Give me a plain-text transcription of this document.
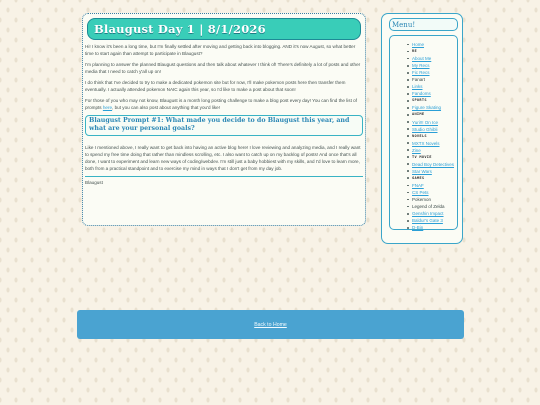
Blaugust Day 1 | 8/1/2026

Hi! I know it's been a long time, but I'm finally settled after moving and getting back into blogging. AND it's now August, so what better time to start again than attempt to participate in Blaugust?

I'm planning to answer the planned Blaugust questions and then talk about whatever I think of! There's definitely a lot of posts and other media that I need to catch y'all up on!

I do think that I've decided to try to make a dedicated pokemon site but for now, I'll make pokemon posts here then transfer them eventually. I actually attended pokemon NAIC again this year, so I'd like to make a post about that soon!

For those of you who may not know, Blaugust is a month long posting challenge to make a blog post every day! You can find the list of prompts here, but you can also post about anything that you'd like!

Blaugust Prompt #1: What made you decide to do Blaugust this year, and what are your personal goals?

Like I mentioned above, I really want to get back into having an active blog here! I love reviewing and analyzing media, and I really want to spend my free time doing that rather than mindless scrolling, etc. I also want to catch up on my backlog of posts! And once that's all done, I want to experiment and learn new ways of coding/webdev. I'm still just a baby hobbiest with my skills, and I'd love to learn more, both from a practical standpoint and to exercise my mind in ways that I don't get from my day job.

Blaugust
Menu!
Home
RE
About Me
My Recs
Fic Recs
Fanart
Links
Fandoms
SPORTS
Figure Skating
ANIME
Yuri!!! On Ice
Studio Ghibli
NOVELS
MXTX Novels
Zine
TV MOVIE
Dead Boy Detectives
Star Wars
GAMES
FNAF
CS Pets
Pokemon
Legend of Zelda
Genshin Impact
Baldur's Gate 3
D-Bin
Back to Home
